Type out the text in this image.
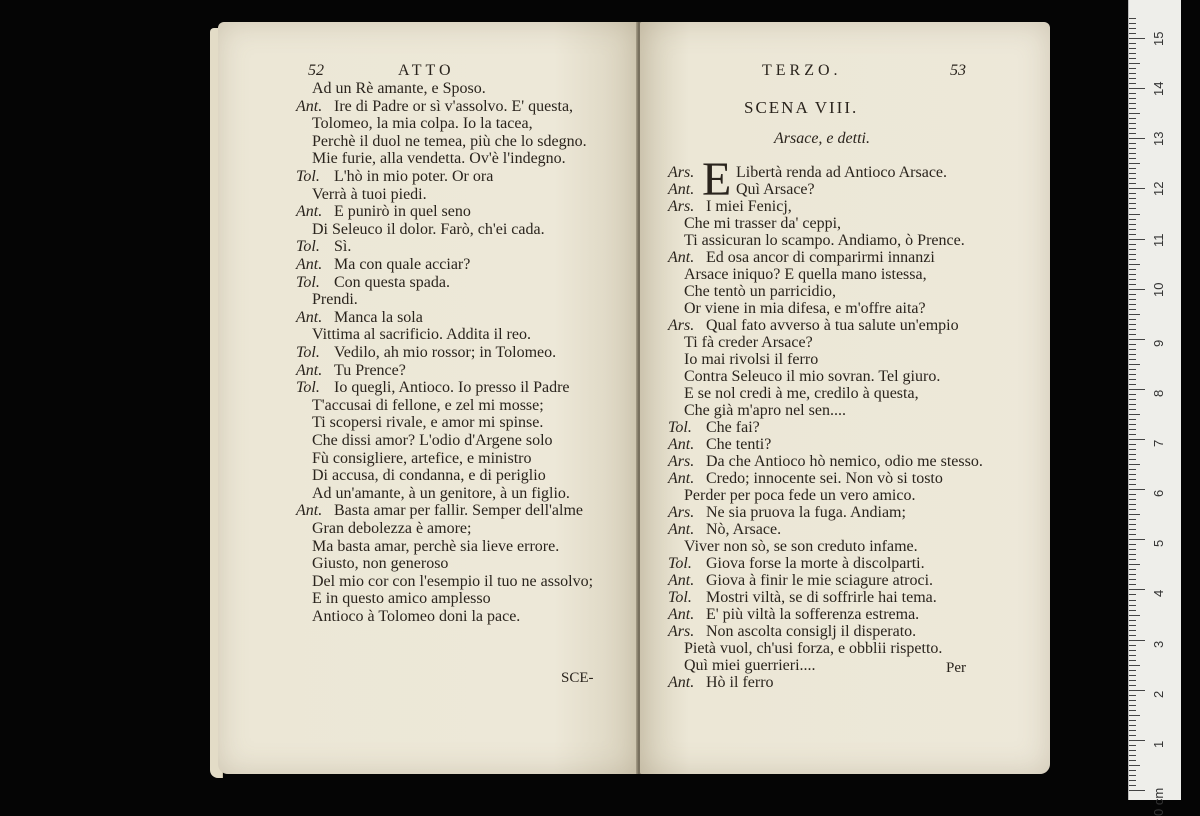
52	ATTO
Ad un Rè amante, e Sposo.
Ant. Ire di Padre or sì v'assolvo. E' questa,
Tolomeo, la mia colpa. Io la tacea,
Perchè il duol ne temea, più che lo sdegno.
Mie furie, alla vendetta. Ov'è l'indegno.
Tol. L'hò in mio poter. Or ora
Verrà à tuoi piedi.
Ant. E punirò in quel seno
Di Seleuco il dolor. Farò, ch'ei cada.
Tol. Sì.
Ant. Ma con quale acciar?
Tol. Con questa spada.
Prendi.
Ant. Manca la sola
Vittima al sacrificio. Addita il reo.
Tol. Vedilo, ah mio rossor; in Tolomeo.
Ant. Tu Prence?
Tol. Io quegli, Antioco. Io presso il Padre
T'accusai di fellone, e zel mi mosse;
Ti scopersi rivale, e amor mi spinse.
Che dissi amor? L'odio d'Argene solo
Fù consigliere, artefice, e ministro
Di accusa, di condanna, e di periglio
Ad un'amante, à un genitore, à un figlio.
Ant. Basta amar per fallir. Semper dell'alme
Gran debolezza è amore;
Ma basta amar, perchè sia lieve errore.
Giusto, non generoso
Del mio cor con l'esempio il tuo ne assolvo;
E in questo amico amplesso
Antioco à Tolomeo doni la pace.
SCE-
TERZO.	53
SCENA VIII.
Arsace, e detti.
E
Ars.	Libertà renda ad Antioco Arsace.
Ant.	Quì Arsace?
Ars. I miei Fenicj,
Che mi trasser da' ceppi,
Ti assicuran lo scampo. Andiamo, ò Prence.
Ant. Ed osa ancor di comparirmi innanzi
Arsace iniquo? E quella mano istessa,
Che tentò un parricidio,
Or viene in mia difesa, e m'offre aita?
Ars. Qual fato avverso à tua salute un'empio
Ti fà creder Arsace?
Io mai rivolsi il ferro
Contra Seleuco il mio sovran. Tel giuro.
E se nol credi à me, credilo à questa,
Che già m'apro nel sen....
Tol. Che fai?
Ant. Che tenti?
Ars. Da che Antioco hò nemico, odio me stesso.
Ant. Credo; innocente sei. Non vò si tosto
Perder per poca fede un vero amico.
Ars. Ne sia pruova la fuga. Andiam;
Ant. Nò, Arsace.
Viver non sò, se son creduto infame.
Tol. Giova forse la morte à discolparti.
Ant. Giova à finir le mie sciagure atroci.
Tol. Mostri viltà, se di soffrirle hai tema.
Ant. E' più viltà la sofferenza estrema.
Ars. Non ascolta consiglj il disperato.
Pietà vuol, ch'usi forza, e obblii rispetto.
Quì miei guerrieri....
Ant. Hò il ferro
Per
15
14
13
12
11
10
9
8
7
6
5
4
3
2
1
0 cm
